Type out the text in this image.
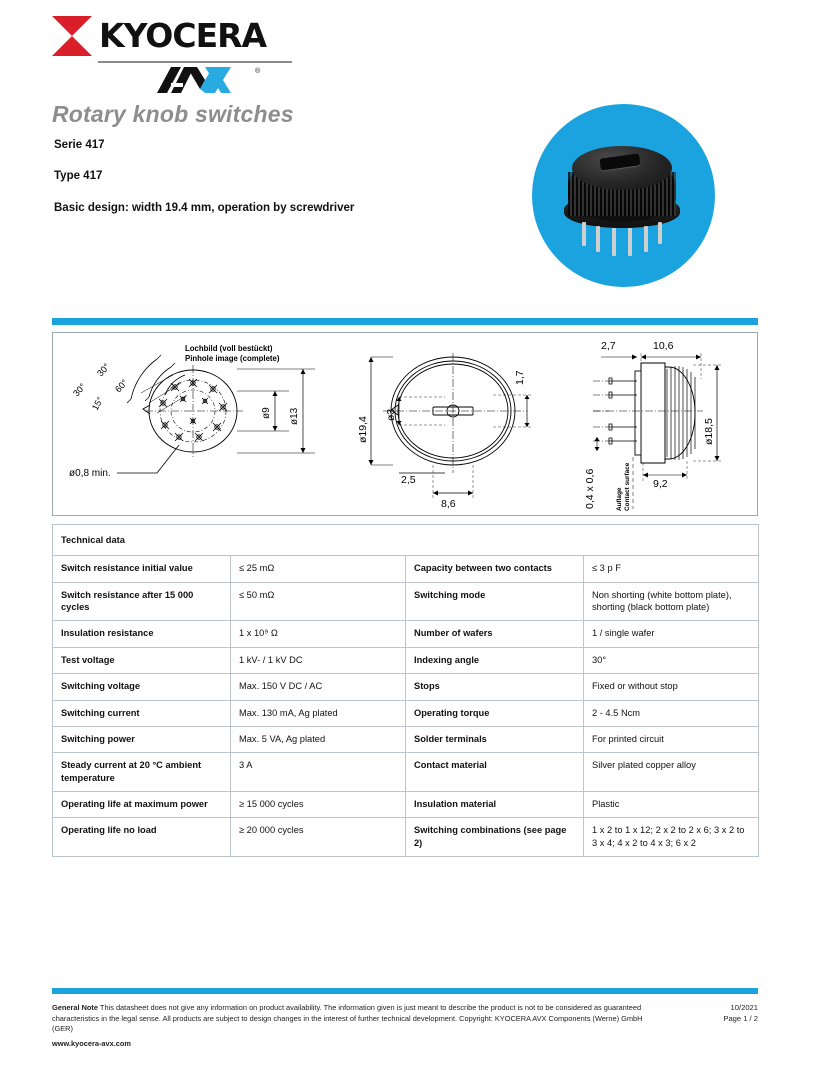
KYOCERA
®
Rotary knob switches
Serie 417
Type 417
Basic design: width 19.4 mm, operation by screwdriver
Lochbild (voll bestückt)
Pinhole image (complete)
30°
30°
15°
60°
ø0,8 min.
ø9 ø13	ø19,4
ø3
1,7
2,5
8,6
2,7	10,6
ø18,5
9,2
0,4 x 0,6	Auflage Contact surface
Technical data			
Switch resistance initial value	≤ 25 mΩ	Capacity between two contacts	≤ 3 p F
Switch resistance after 15 000 cycles	≤ 50 mΩ	Switching mode	Non shorting (white bottom plate), shorting (black bottom plate)
Insulation resistance	1 x 10⁹ Ω	Number of wafers	1 / single wafer
Test voltage	1 kV- / 1 kV DC	Indexing angle	30°
Switching voltage	Max. 150 V DC / AC	Stops	Fixed or without stop
Switching current	Max. 130 mA, Ag plated	Operating torque	2 - 4.5 Ncm
Switching power	Max. 5 VA, Ag plated	Solder terminals	For printed circuit
Steady current at 20 °C ambient temperature	3 A	Contact material	Silver plated copper alloy
Operating life at maximum power	≥ 15 000 cycles	Insulation material	Plastic
Operating life no load	≥ 20 000 cycles	Switching combinations (see page 2)	1 x 2 to 1 x 12; 2 x 2 to 2 x 6; 3 x 2 to 3 x 4; 4 x 2 to 4 x 3; 6 x 2
General Note This datasheet does not give any information on product availability. The information given is just meant to describe the product is not to be considered as guaranteed characteristics in the legal sense. All products are subject to design changes in the interest of further technical development. Copyright: KYOCERA AVX Components (Werne) GmbH (GER)
www.kyocera-avx.com
10/2021
Page 1 / 2
